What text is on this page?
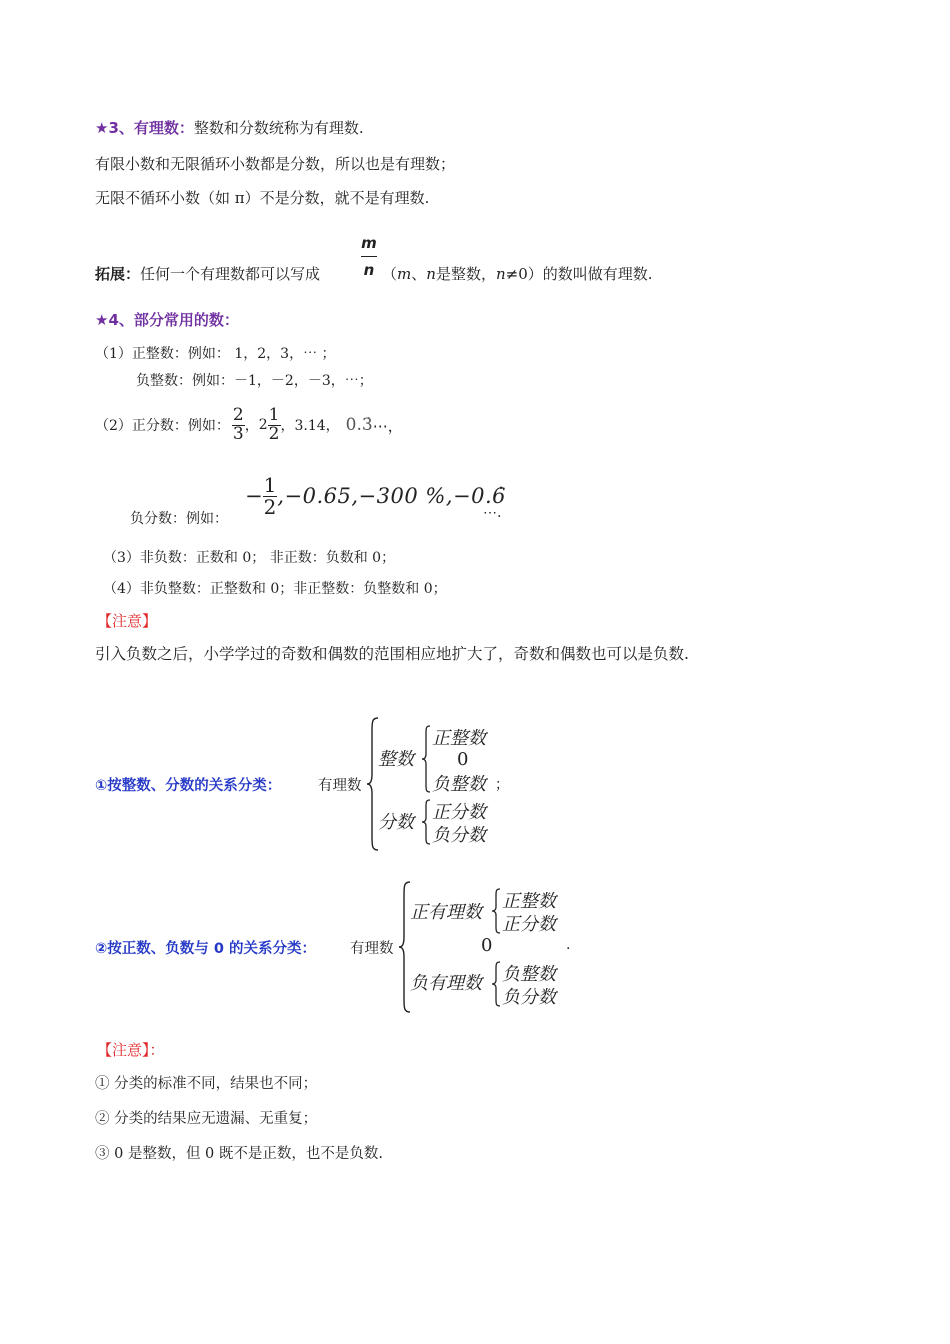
★3、有理数：整数和分数统称为有理数.
有限小数和无限循环小数都是分数，所以也是有理数；
无限不循环小数（如 π）不是分数，就不是有理数.
拓展：任何一个有理数都可以写成	$\frac{m}{n} (m$、n是整数，n≠0）的数叫做有理数.
★4、部分常用的数：
（1）正整数：例如： 1，2，3，⋯ ；
负整数：例如：－1，－2，－3，⋯；
（2）正分数：例如： $\frac{2}{3}$ ， $2 \frac{1}{2}$ ，3.14， 0.3̇ ⋯，
负分数：例如：
− $\frac{1}{2} ,-0.65,-300$ %,−0.6̇
⋯.
（3）非负数：正数和 0； 非正数：负数和 0；
（4）非负整数：正整数和 0；非正整数：负整数和 0；
【注意】
引入负数之后，小学学过的奇数和偶数的范围相应地扩大了，奇数和偶数也可以是负数.
①按整数、分数的关系分类：	有理数
整数
正整数
0
负整数 ；
分数 正分数
负分数
②按正数、负数与 0 的关系分类： 有理数
正有理数
正整数
正分数
0	.
负有理数 负整数
负分数
【注意】：
① 分类的标准不同，结果也不同；
② 分类的结果应无遗漏、无重复；
③ 0 是整数，但 0 既不是正数，也不是负数.
